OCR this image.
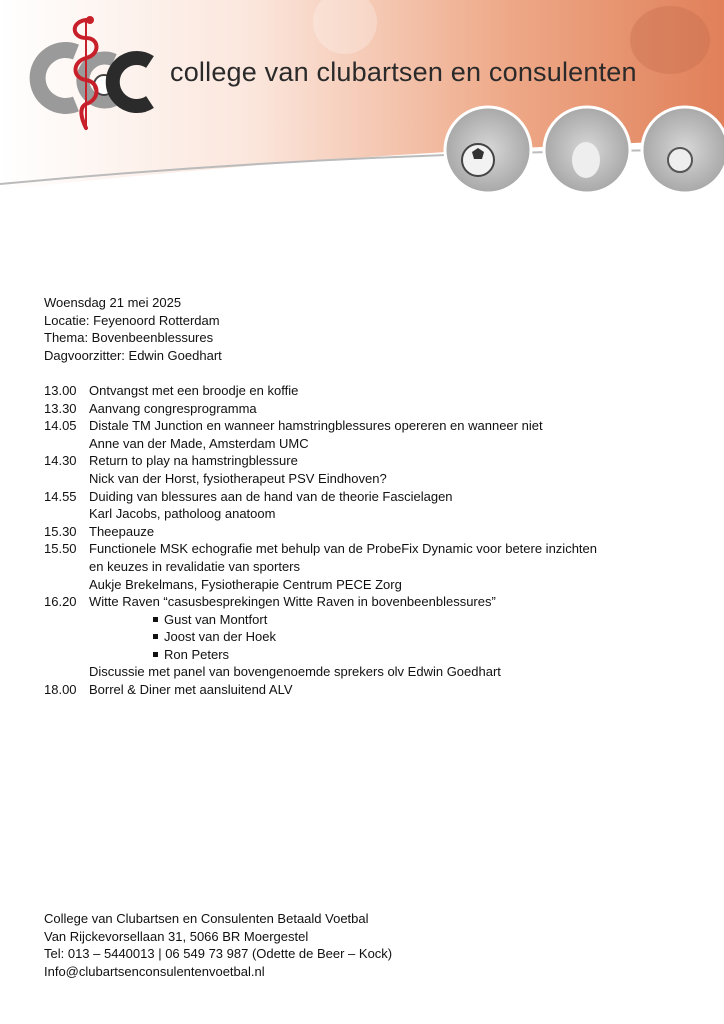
college van clubartsen en consulenten
Woensdag 21 mei 2025
Locatie: Feyenoord Rotterdam
Thema: Bovenbeenblessures
Dagvoorzitter: Edwin Goedhart
13.00 Ontvangst met een broodje en koffie
13.30 Aanvang congresprogramma
14.05 Distale TM Junction en wanneer hamstringblessures opereren en wanneer niet
Anne van der Made, Amsterdam UMC
14.30 Return to play na hamstringblessure
Nick van der Horst, fysiotherapeut PSV Eindhoven?
14.55 Duiding van blessures aan de hand van de theorie Fascielagen
Karl Jacobs, patholoog anatoom
15.30 Theepauze
15.50 Functionele MSK echografie met behulp van de ProbeFix Dynamic voor betere inzichten
en keuzes in revalidatie van sporters
Aukje Brekelmans, Fysiotherapie Centrum PECE Zorg
16.20 Witte Raven “casusbesprekingen Witte Raven in bovenbeenblessures”
Gust van Montfort
Joost van der Hoek
Ron Peters
Discussie met panel van bovengenoemde sprekers olv Edwin Goedhart
18.00 Borrel & Diner met aansluitend ALV
College van Clubartsen en Consulenten Betaald Voetbal
Van Rijckevorsellaan 31, 5066 BR Moergestel
Tel: 013 – 5440013 | 06 549 73 987 (Odette de Beer – Kock)
Info@clubartsenconsulentenvoetbal.nl
